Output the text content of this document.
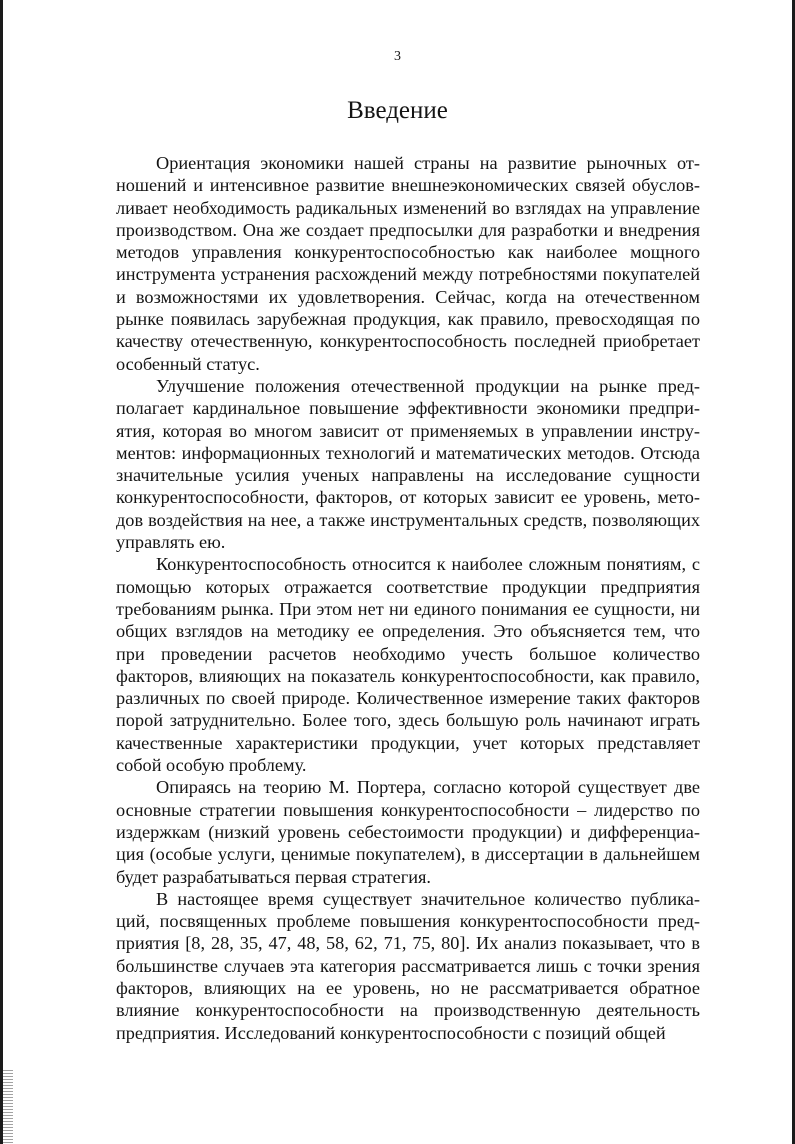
3
Введение

Ориентация экономики нашей страны на развитие рыночных отношений и интенсивное развитие внешнеэкономических связей обусловливает необходимость радикальных изменений во взглядах на управление производством. Она же создает предпосылки для разработки и внедрения методов управления конкурентоспособностью как наиболее мощного инструмента устранения расхождений между потребностями покупателей и возможностями их удовлетворения. Сейчас, когда на отечественном рынке появилась зарубежная продукция, как правило, превосходящая по качеству отечественную, конкурентоспособность последней приобретает особенный статус.

Улучшение положения отечественной продукции на рынке предполагает кардинальное повышение эффективности экономики предприятия, которая во многом зависит от применяемых в управлении инструментов: информационных технологий и математических методов. Отсюда значительные усилия ученых направлены на исследование сущности конкурентоспособности, факторов, от которых зависит ее уровень, методов воздействия на нее, а также инструментальных средств, позволяющих управлять ею.

Конкурентоспособность относится к наиболее сложным понятиям, с помощью которых отражается соответствие продукции предприятия требованиям рынка. При этом нет ни единого понимания ее сущности, ни общих взглядов на методику ее определения. Это объясняется тем, что при проведении расчетов необходимо учесть большое количество факторов, влияющих на показатель конкурентоспособности, как правило, различных по своей природе. Количественное измерение таких факторов порой затруднительно. Более того, здесь большую роль начинают играть качественные характеристики продукции, учет которых представляет собой особую проблему.

Опираясь на теорию М. Портера, согласно которой существует две основные стратегии повышения конкурентоспособности – лидерство по издержкам (низкий уровень себестоимости продукции) и дифференциация (особые услуги, ценимые покупателем), в диссертации в дальнейшем будет разрабатываться первая стратегия.

В настоящее время существует значительное количество публикаций, посвященных проблеме повышения конкурентоспособности предприятия [8, 28, 35, 47, 48, 58, 62, 71, 75, 80]. Их анализ показывает, что в большинстве случаев эта категория рассматривается лишь с точки зрения факторов, влияющих на ее уровень, но не рассматривается обратное влияние конкурентоспособности на производственную деятельность предприятия. Исследований конкурентоспособности с позиций общей
